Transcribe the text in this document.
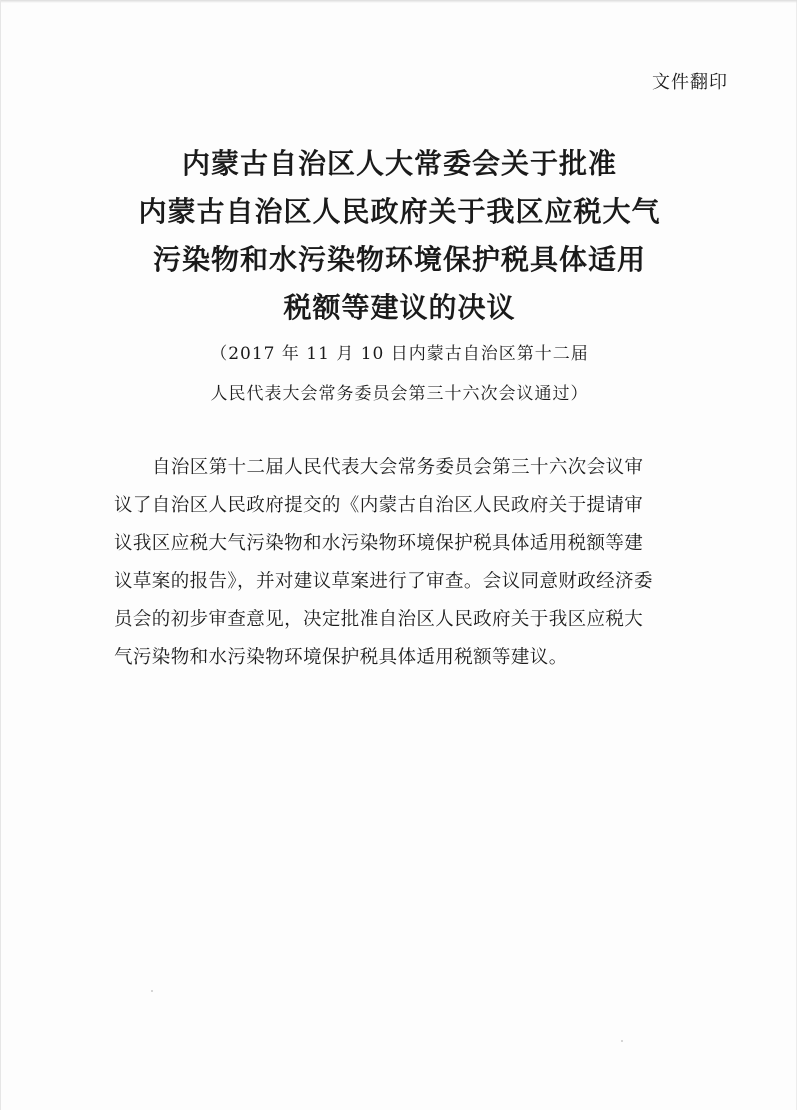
文件翻印
内蒙古自治区人大常委会关于批准
内蒙古自治区人民政府关于我区应税大气
污染物和水污染物环境保护税具体适用
税额等建议的决议
（2017 年 11 月 10 日内蒙古自治区第十二届
人民代表大会常务委员会第三十六次会议通过）
自治区第十二届人民代表大会常务委员会第三十六次会议审
议了自治区人民政府提交的《内蒙古自治区人民政府关于提请审
议我区应税大气污染物和水污染物环境保护税具体适用税额等建
议草案的报告》，并对建议草案进行了审查。会议同意财政经济委
员会的初步审查意见，决定批准自治区人民政府关于我区应税大
气污染物和水污染物环境保护税具体适用税额等建议。
